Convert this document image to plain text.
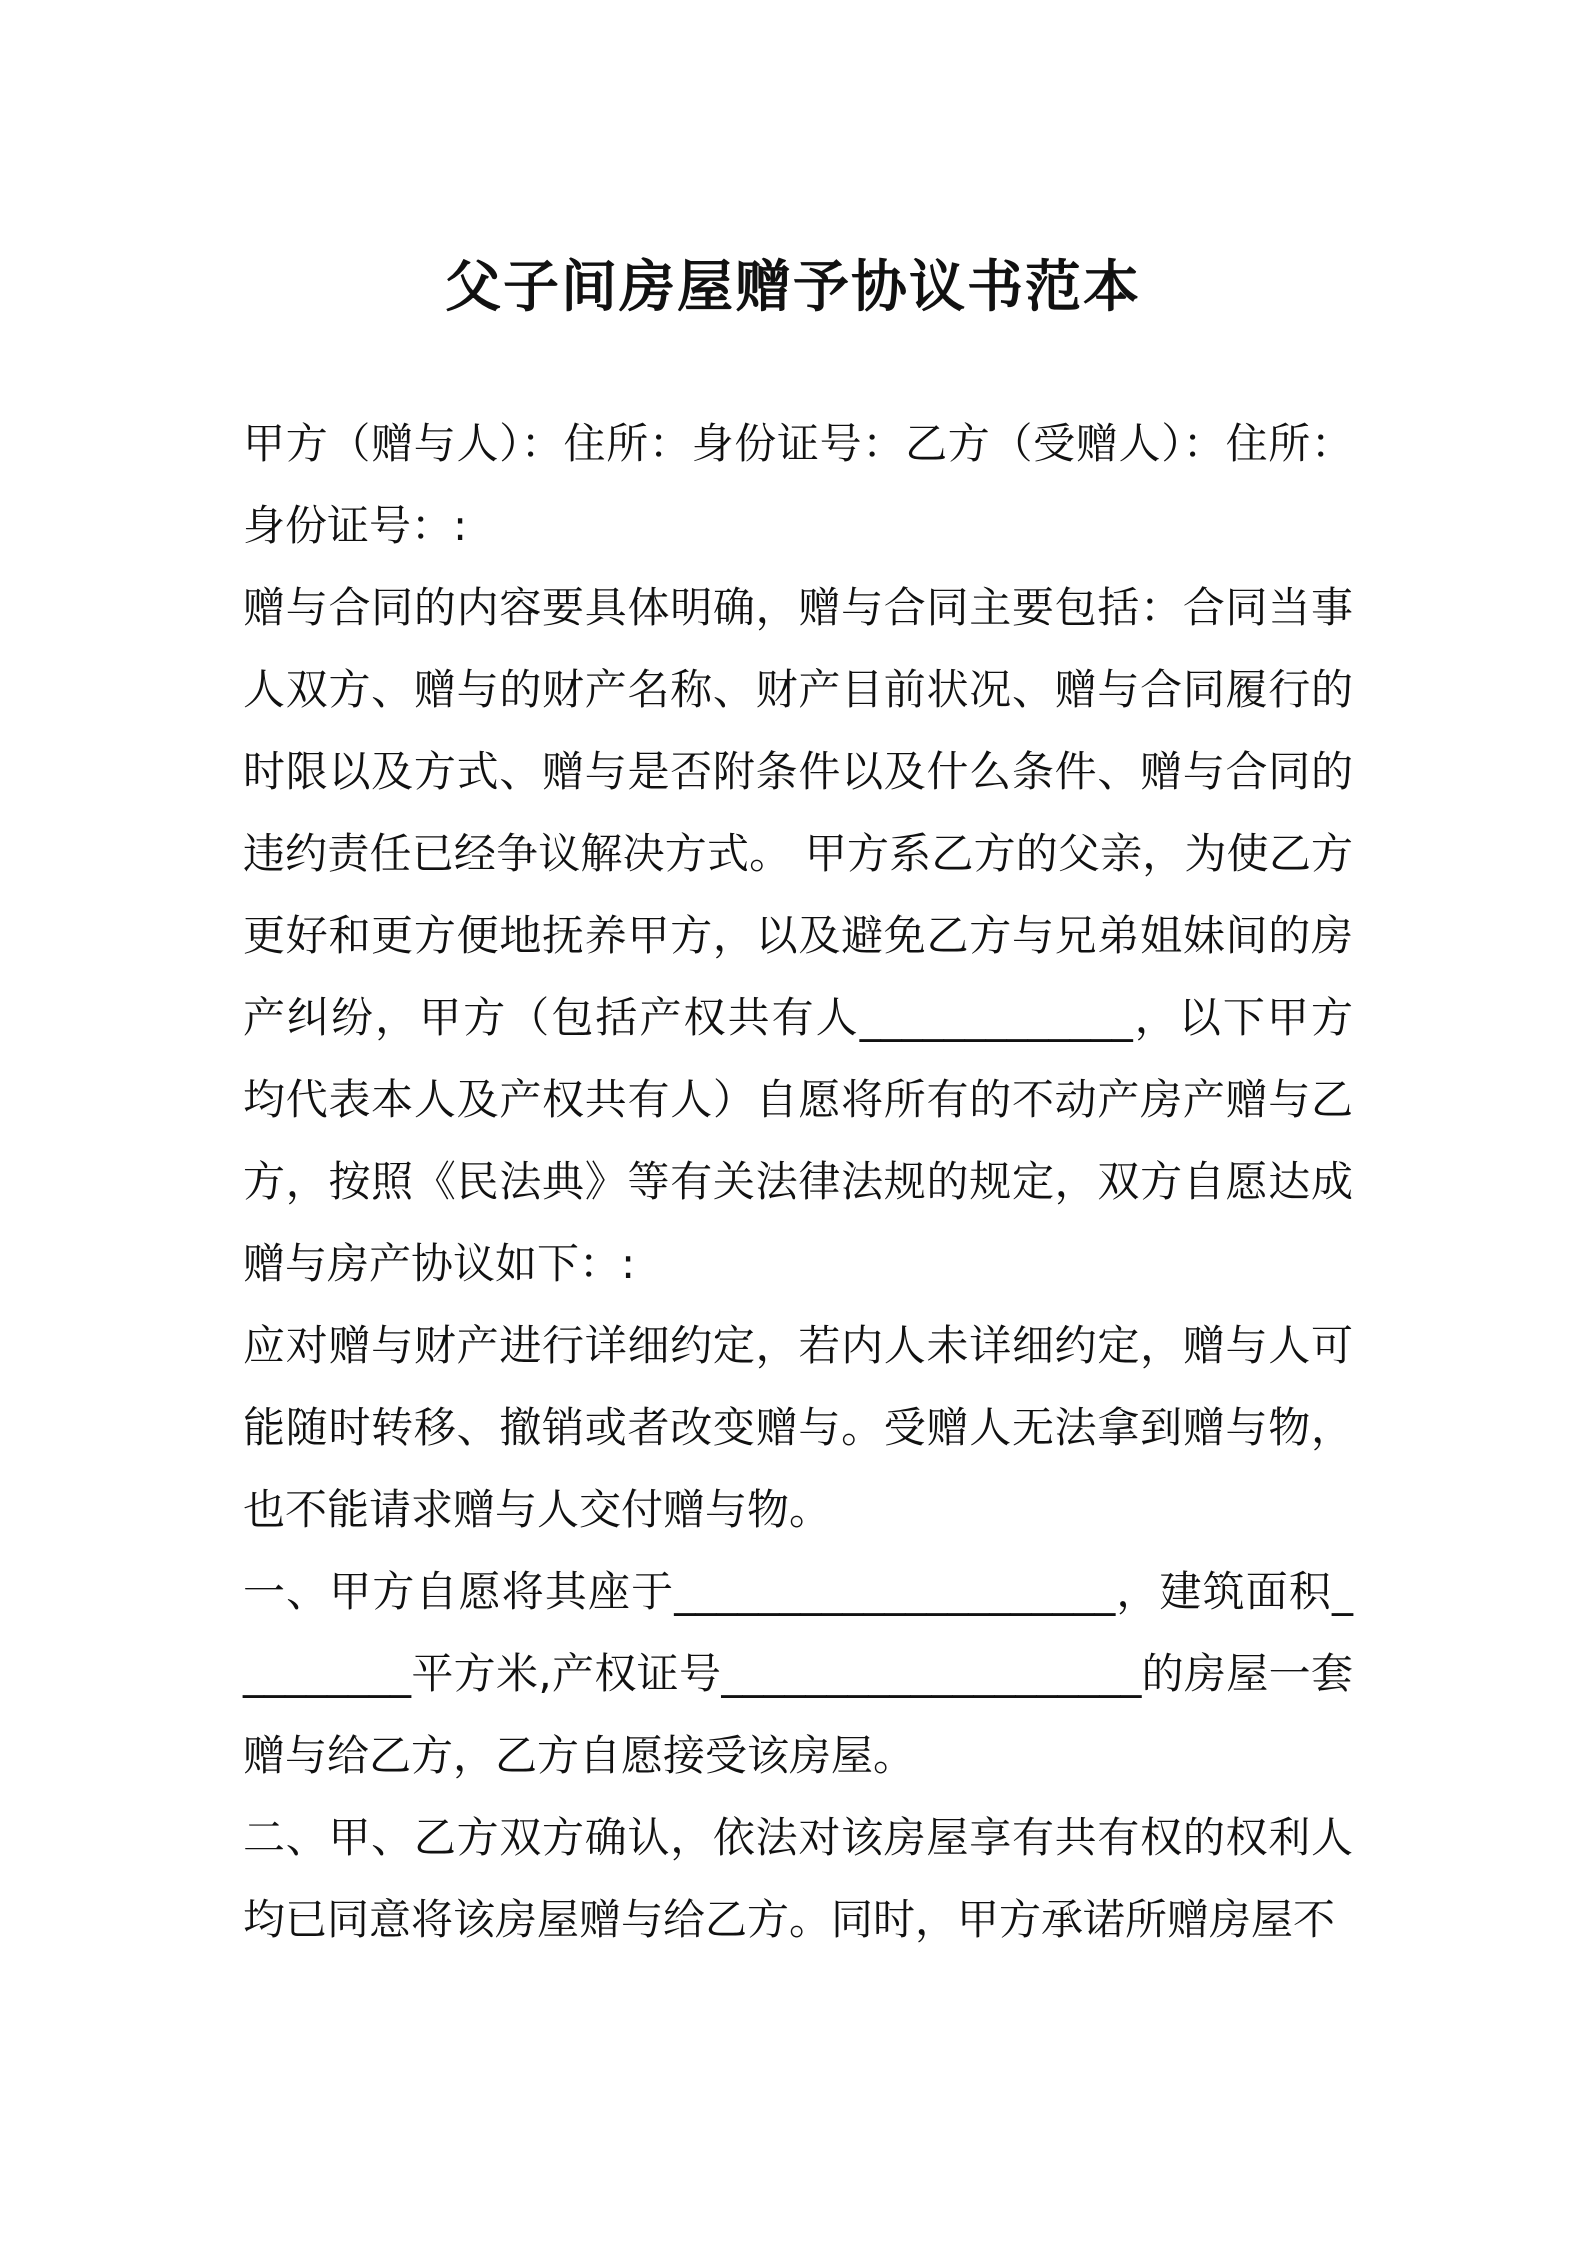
父子间房屋赠予协议书范本

甲方（赠与人）：住所：身份证号：乙方（受赠人）：住所：身份证号：:

赠与合同的内容要具体明确，赠与合同主要包括：合同当事人双方、赠与的财产名称、财产目前状况、赠与合同履行的时限以及方式、赠与是否附条件以及什么条件、赠与合同的违约责任已经争议解决方式。 甲方系乙方的父亲，为使乙方更好和更方便地抚养甲方，以及避免乙方与兄弟姐妹间的房产纠纷，甲方（包括产权共有人_____________，以下甲方均代表本人及产权共有人）自愿将所有的不动产房产赠与乙方，按照《民法典》等有关法律法规的规定，双方自愿达成赠与房产协议如下：:

应对赠与财产进行详细约定，若内人未详细约定，赠与人可能随时转移、撤销或者改变赠与。受赠人无法拿到赠与物，也不能请求赠与人交付赠与物。

一、甲方自愿将其座于_____________________，建筑面积_________平方米,产权证号____________________的房屋一套赠与给乙方，乙方自愿接受该房屋。

二、甲、乙方双方确认，依法对该房屋享有共有权的权利人均已同意将该房屋赠与给乙方。同时，甲方承诺所赠房屋不
